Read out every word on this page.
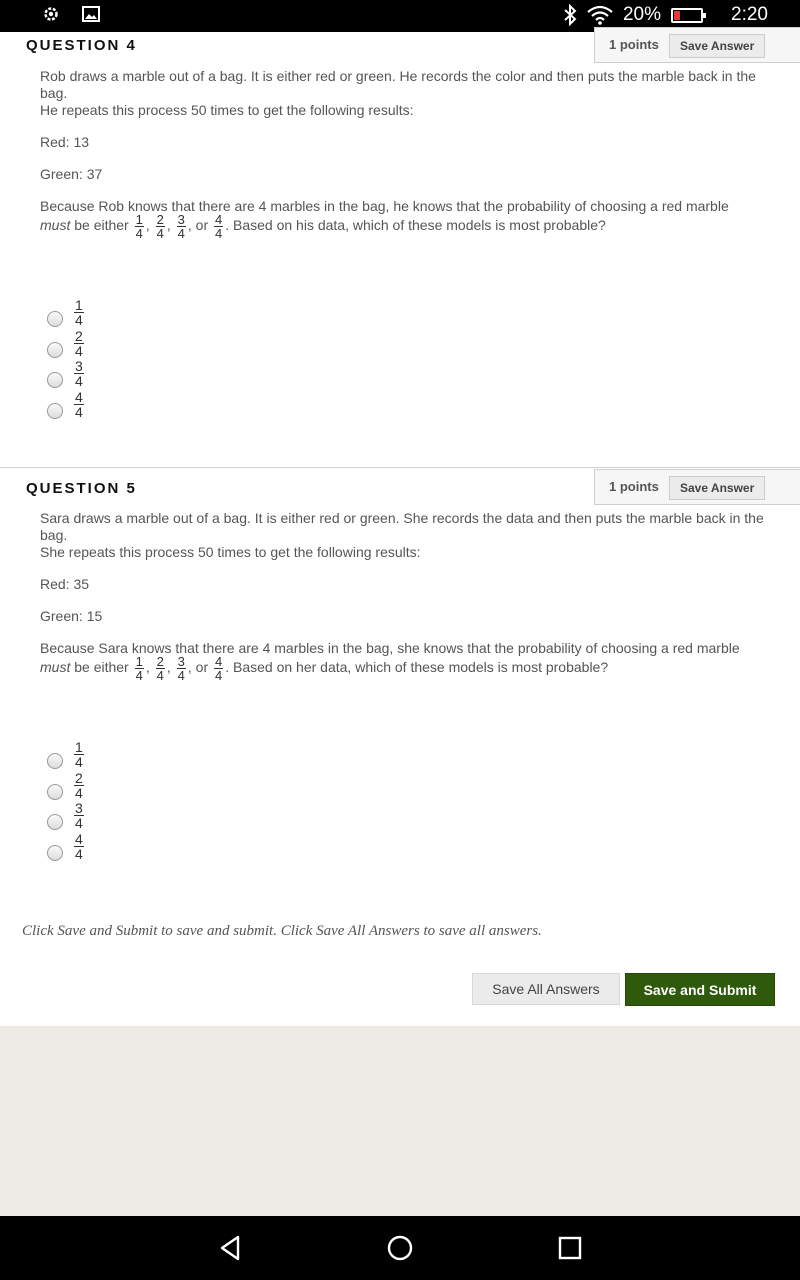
20%	2:20
QUESTION 4	1 points	Save Answer

Rob draws a marble out of a bag. It is either red or green. He records the color and then puts the marble back in the bag.

He repeats this process 50 times to get the following results:

Red: 13

Green: 37

Because Rob knows that there are 4 marbles in the bag, he knows that the probability of choosing a red marble

must be either $\frac{1}{4}$ , $\frac{2}{4}$ , $\frac{3}{4}$ , or $\frac{4}{4}$ . Based on his data, which of these models is most probable?

$\frac{1}{4}$
$\frac{2}{4}$
$\frac{3}{4}$
$\frac{4}{4}$
QUESTION 5	1 points	Save Answer

Sara draws a marble out of a bag. It is either red or green. She records the data and then puts the marble back in the bag.

She repeats this process 50 times to get the following results:

Red: 35

Green: 15

Because Sara knows that there are 4 marbles in the bag, she knows that the probability of choosing a red marble

must be either $\frac{1}{4}$ , $\frac{2}{4}$ , $\frac{3}{4}$ , or $\frac{4}{4}$ . Based on her data, which of these models is most probable?

$\frac{1}{4}$
$\frac{2}{4}$
$\frac{3}{4}$
$\frac{4}{4}$
Click Save and Submit to save and submit. Click Save All Answers to save all answers.
Save All Answers	Save and Submit
